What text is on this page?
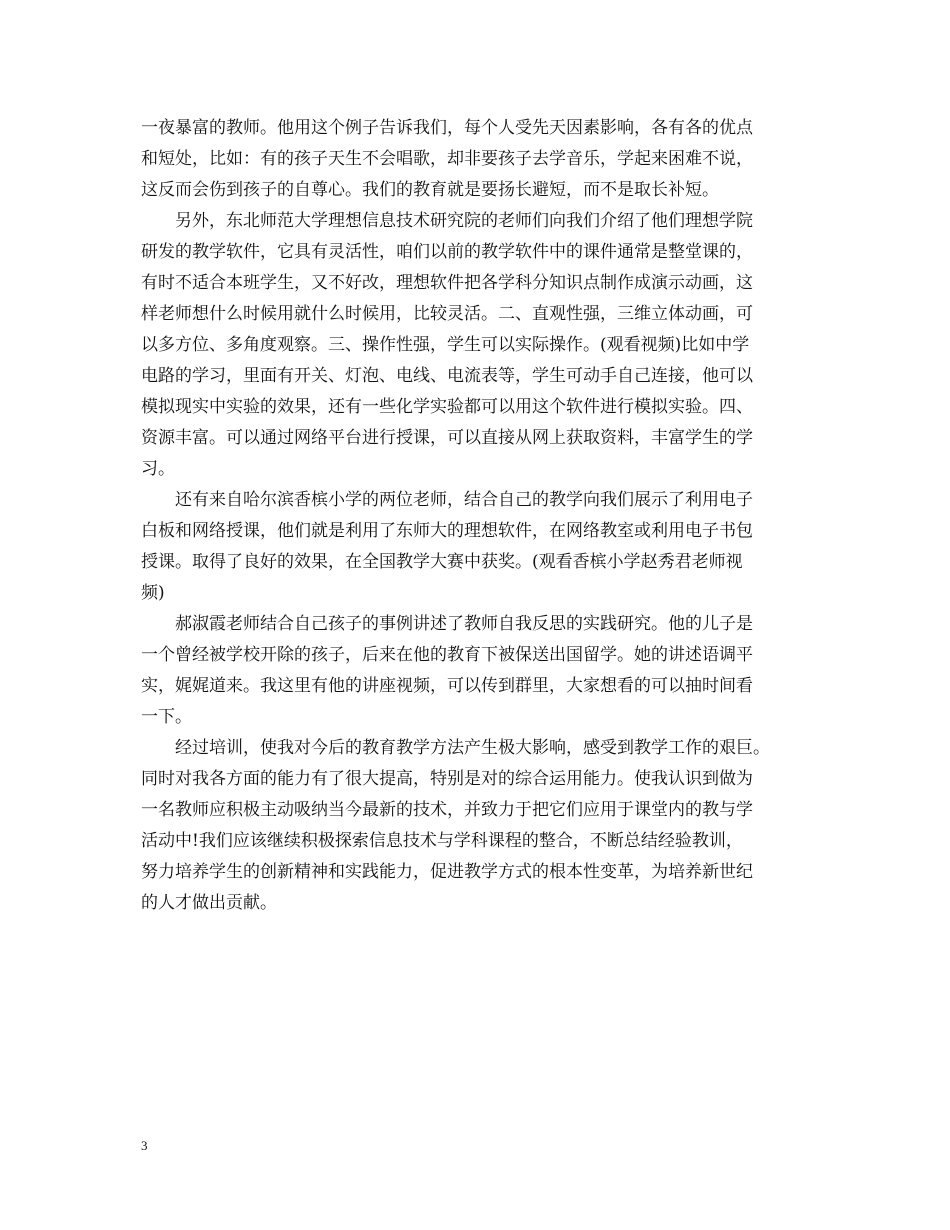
一夜暴富的教师。他用这个例子告诉我们，每个人受先天因素影响，各有各的优点
和短处，比如：有的孩子天生不会唱歌，却非要孩子去学音乐，学起来困难不说，
这反而会伤到孩子的自尊心。我们的教育就是要扬长避短，而不是取长补短。
另外，东北师范大学理想信息技术研究院的老师们向我们介绍了他们理想学院
研发的教学软件，它具有灵活性，咱们以前的教学软件中的课件通常是整堂课的，
有时不适合本班学生，又不好改，理想软件把各学科分知识点制作成演示动画，这
样老师想什么时候用就什么时候用，比较灵活。二、直观性强，三维立体动画，可
以多方位、多角度观察。三、操作性强，学生可以实际操作。(观看视频)比如中学
电路的学习，里面有开关、灯泡、电线、电流表等，学生可动手自己连接，他可以
模拟现实中实验的效果，还有一些化学实验都可以用这个软件进行模拟实验。四、
资源丰富。可以通过网络平台进行授课，可以直接从网上获取资料，丰富学生的学
习。
还有来自哈尔滨香槟小学的两位老师，结合自己的教学向我们展示了利用电子
白板和网络授课，他们就是利用了东师大的理想软件，在网络教室或利用电子书包
授课。取得了良好的效果，在全国教学大赛中获奖。(观看香槟小学赵秀君老师视
频)
郝淑霞老师结合自己孩子的事例讲述了教师自我反思的实践研究。他的儿子是
一个曾经被学校开除的孩子，后来在他的教育下被保送出国留学。她的讲述语调平
实，娓娓道来。我这里有他的讲座视频，可以传到群里，大家想看的可以抽时间看
一下。
经过培训，使我对今后的教育教学方法产生极大影响，感受到教学工作的艰巨。
同时对我各方面的能力有了很大提高，特别是对的综合运用能力。使我认识到做为
一名教师应积极主动吸纳当今最新的技术，并致力于把它们应用于课堂内的教与学
活动中!我们应该继续积极探索信息技术与学科课程的整合，不断总结经验教训，
努力培养学生的创新精神和实践能力，促进教学方式的根本性变革，为培养新世纪
的人才做出贡献。
3
